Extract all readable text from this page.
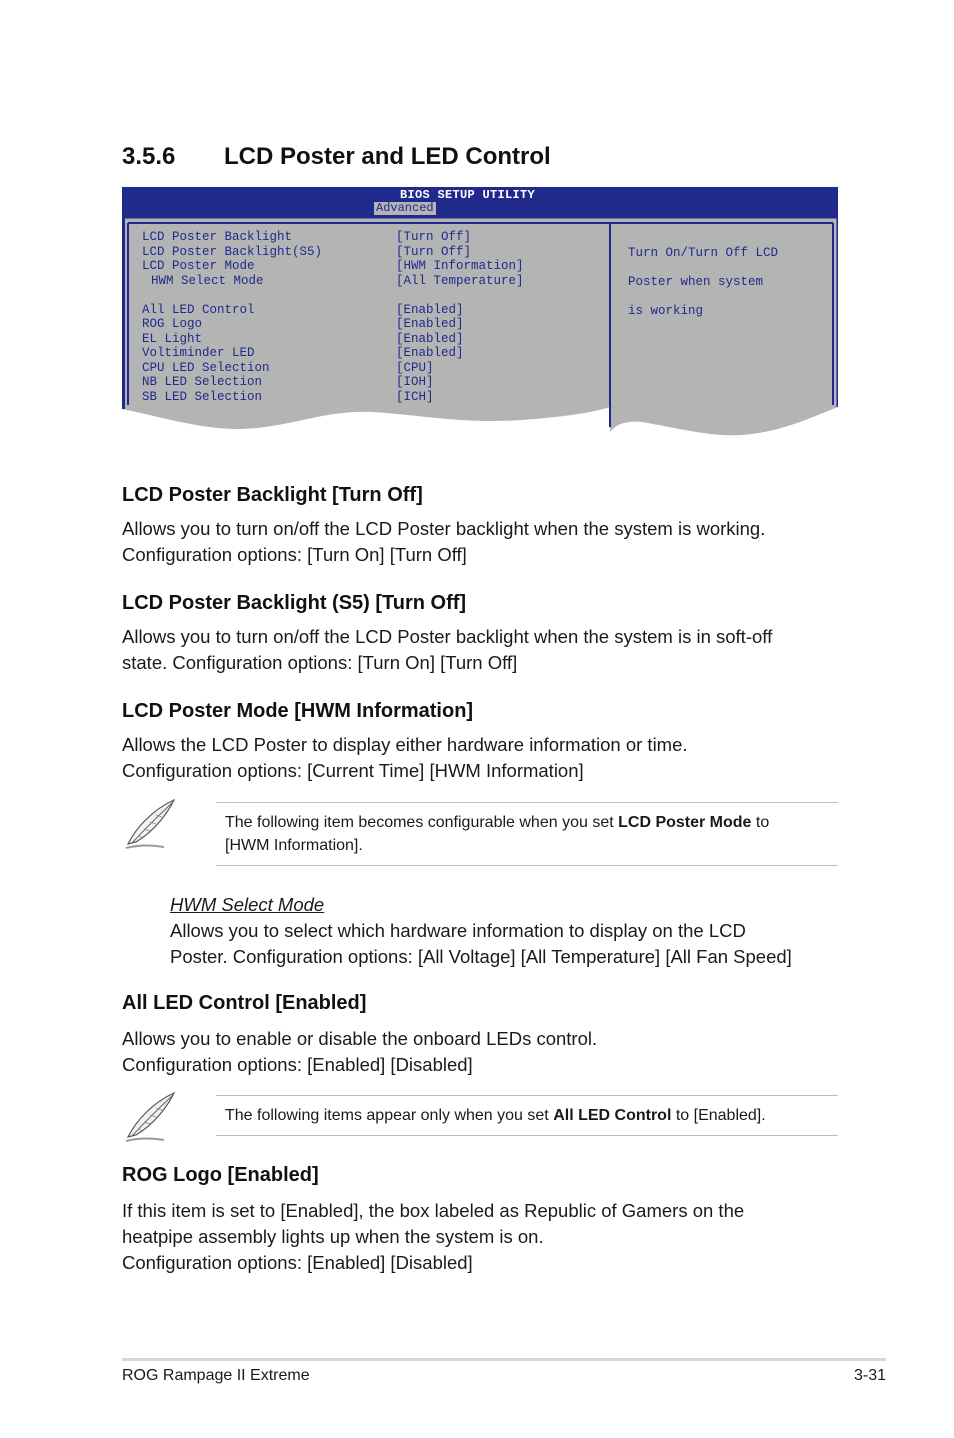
3.5.6 LCD Poster and LED Control
BIOS SETUP UTILITY
Advanced
LCD Poster Backlight	[Turn Off]
LCD Poster Backlight(S5)	[Turn Off]
LCD Poster Mode	[HWM Information]
HWM Select Mode	[All Temperature]
All LED Control	[Enabled]
ROG Logo	[Enabled]
EL Light	[Enabled]
Voltiminder LED	[Enabled]
CPU LED Selection	[CPU]
NB LED Selection	[IOH]
SB LED Selection	[ICH]

Turn On/Turn Off LCD

Poster when system

is working

LCD Poster Backlight [Turn Off]

Allows you to turn on/off the LCD Poster backlight when the system is working.
Configuration options: [Turn On] [Turn Off]

LCD Poster Backlight (S5) [Turn Off]

Allows you to turn on/off the LCD Poster backlight when the system is in soft-off
state. Configuration options: [Turn On] [Turn Off]

LCD Poster Mode [HWM Information]

Allows the LCD Poster to display either hardware information or time.
Configuration options: [Current Time] [HWM Information]

The following item becomes configurable when you set LCD Poster Mode to
[HWM Information].
HWM Select Mode
Allows you to select which hardware information to display on the LCD
Poster. Configuration options: [All Voltage] [All Temperature] [All Fan Speed]
All LED Control [Enabled]

Allows you to enable or disable the onboard LEDs control.
Configuration options: [Enabled] [Disabled]

The following items appear only when you set All LED Control to [Enabled].
ROG Logo [Enabled]

If this item is set to [Enabled], the box labeled as Republic of Gamers on the
heatpipe assembly lights up when the system is on.
Configuration options: [Enabled] [Disabled]

ROG Rampage II Extreme	3-31
